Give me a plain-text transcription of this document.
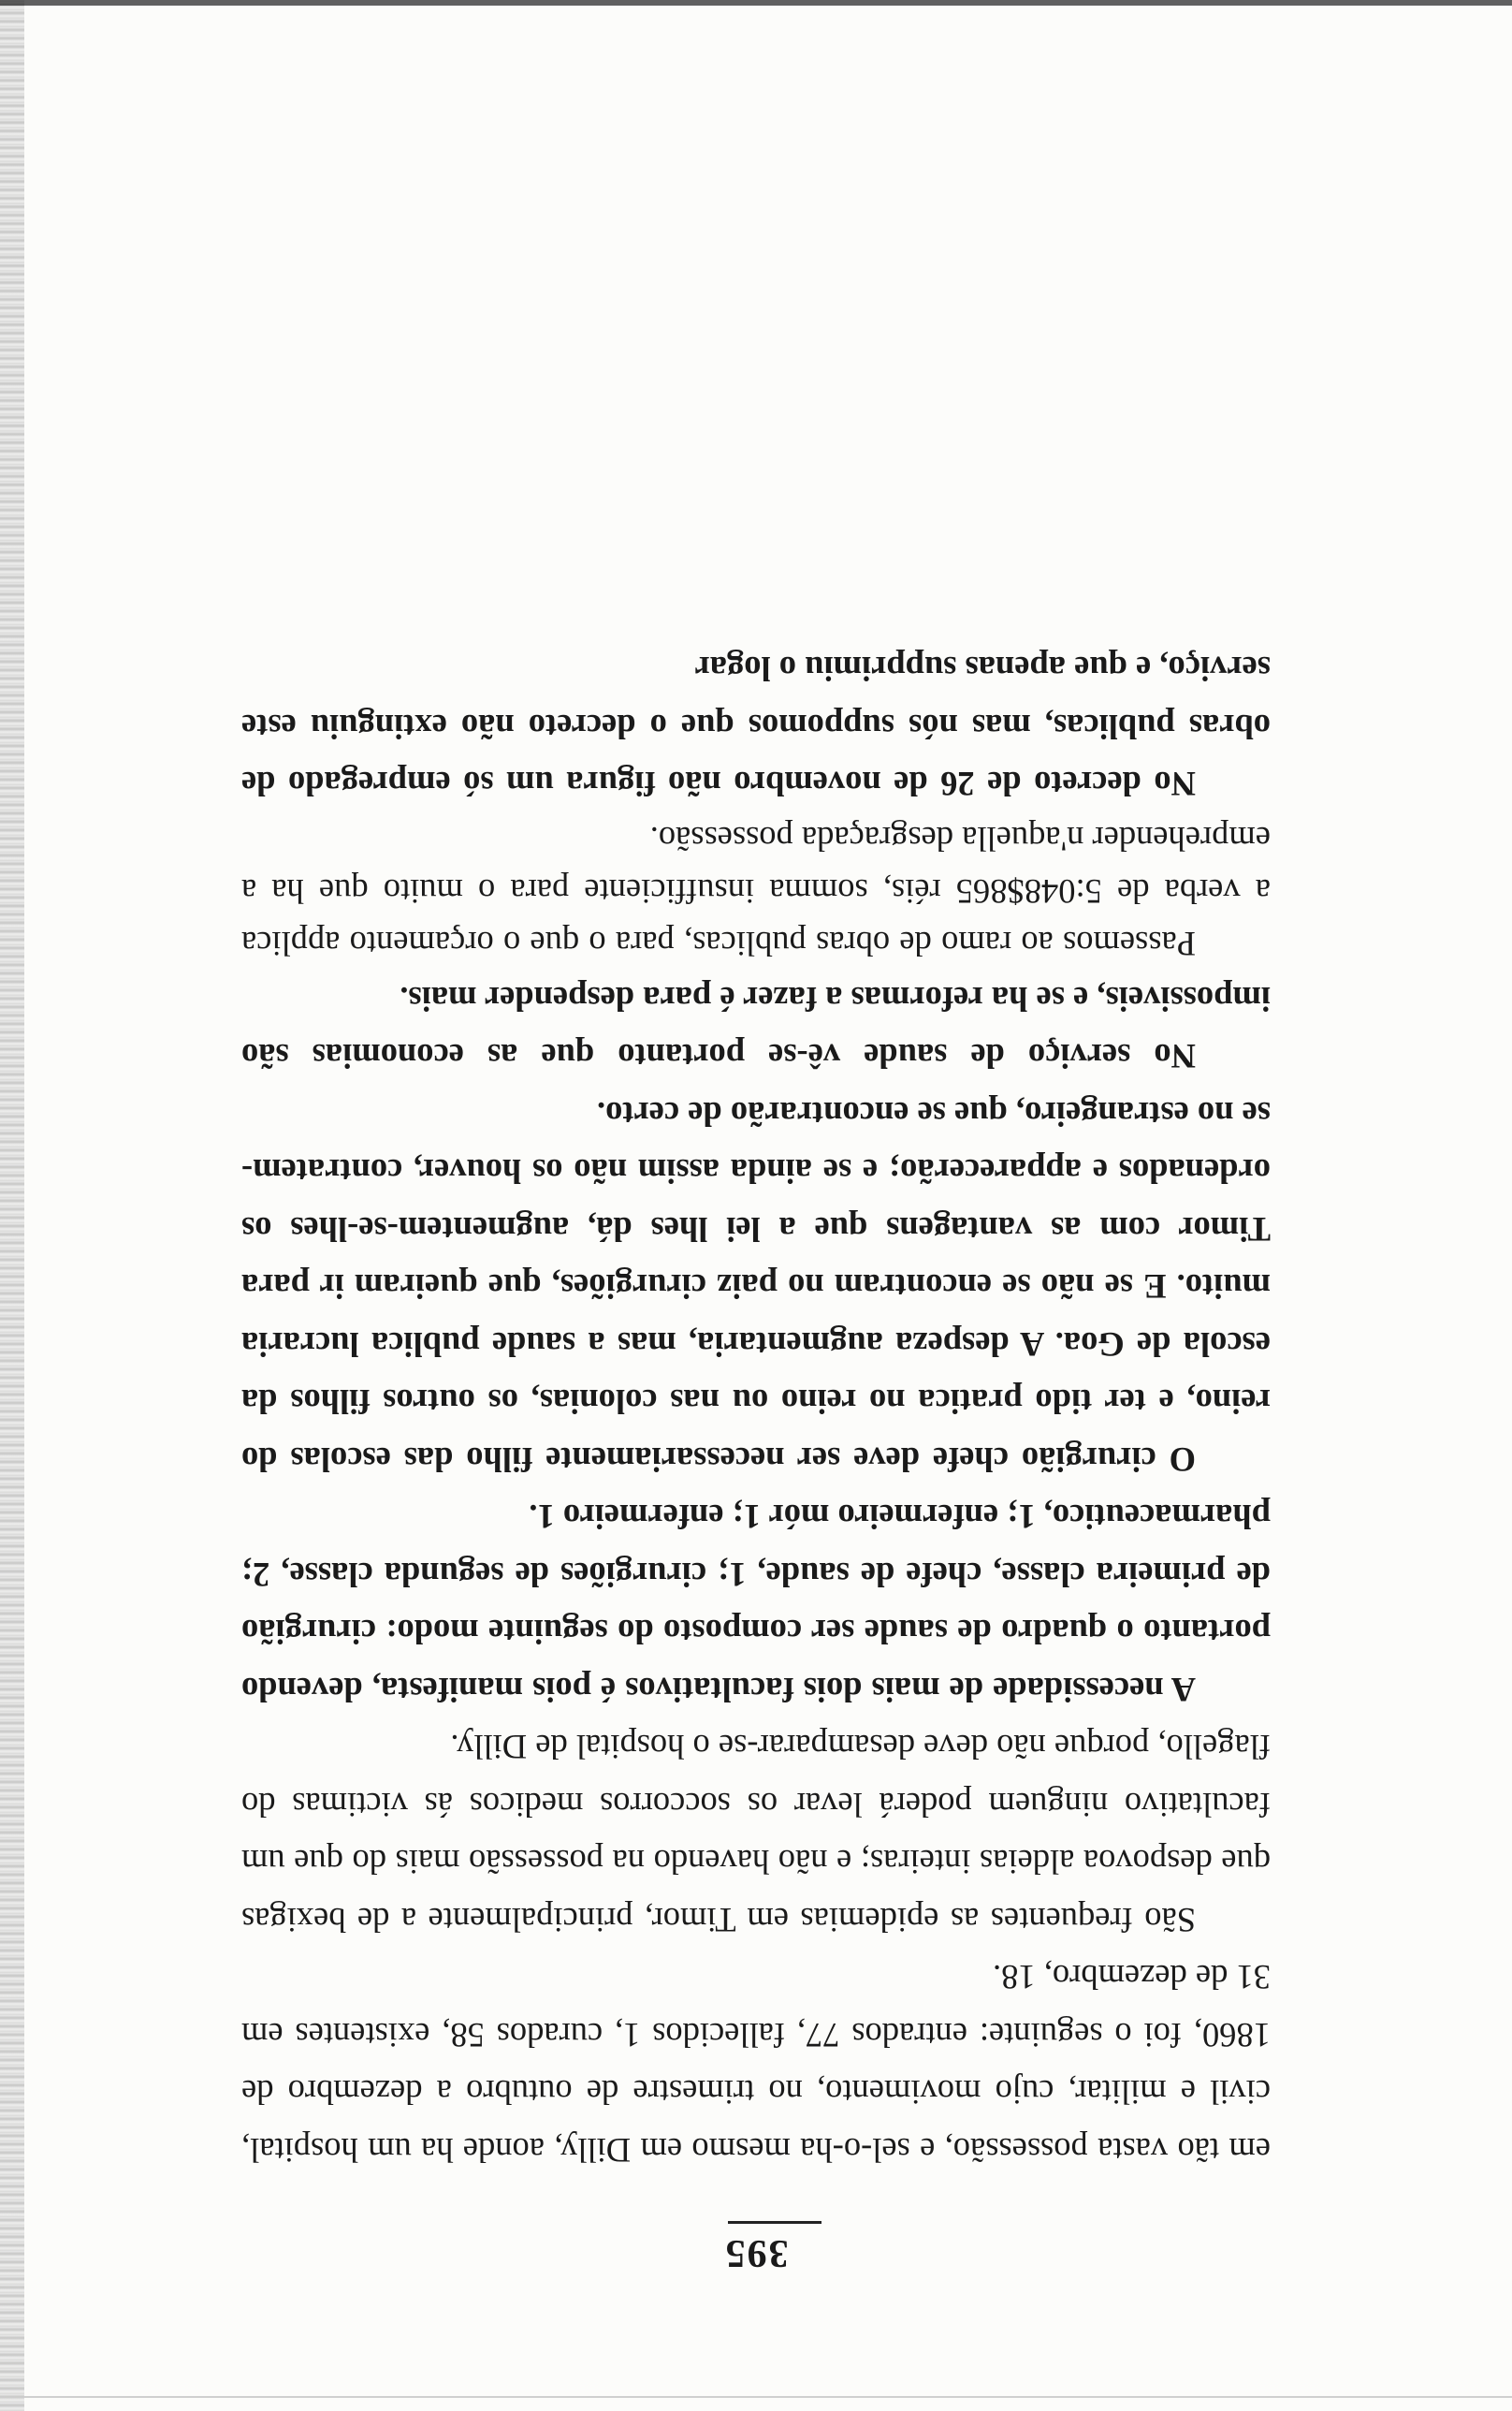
395

em tão vasta possessão, e sel-o-ha mesmo em Dilly, aonde ha um hospital, civil e militar, cujo movimento, no trimestre de outubro a dezembro de 1860, foi o seguinte: entrados 77, fallecidos 1, curados 58, existentes em 31 de dezembro, 18.

São frequentes as epidemias em Timor, principalmente a de bexigas que despovoa aldeias inteiras; e não havendo na possessão mais do que um facultativo ninguem poderá levar os soccorros medicos ás victimas do flagello, porque não deve desamparar-se o hospital de Dilly.

A necessidade de mais dois facultativos é pois manifesta, devendo portanto o quadro de saude ser composto do seguinte modo: cirurgião de primeira classe, chefe de saude, 1; cirurgiões de segunda classe, 2; pharmaceutico, 1; enfermeiro mór 1; enfermeiro 1.

O cirurgião chefe deve ser necessariamente filho das escolas do reino, e ter tido pratica no reino ou nas colonias, os outros filhos da escola de Goa. A despeza augmentaria, mas a saude publica lucraria muito. E se não se encontram no paiz cirurgiões, que queiram ir para Timor com as vantagens que a lei lhes dá, augmentem-se-lhes os ordenados e apparecerão; e se ainda assim não os houver, contratem-se no estrangeiro, que se encontrarão de certo.

No serviço de saude vê-se portanto que as economias são impossiveis, e se ha reformas a fazer é para despender mais.

Passemos ao ramo de obras publicas, para o que o orçamento applica a verba de 5:048$865 réis, somma insufficiente para o muito que ha a emprehender n'aquella desgraçada possessão.

No decreto de 26 de novembro não figura um só empregado de obras publicas, mas nós suppomos que o decreto não extinguiu este serviço, e que apenas supprimiu o logar
